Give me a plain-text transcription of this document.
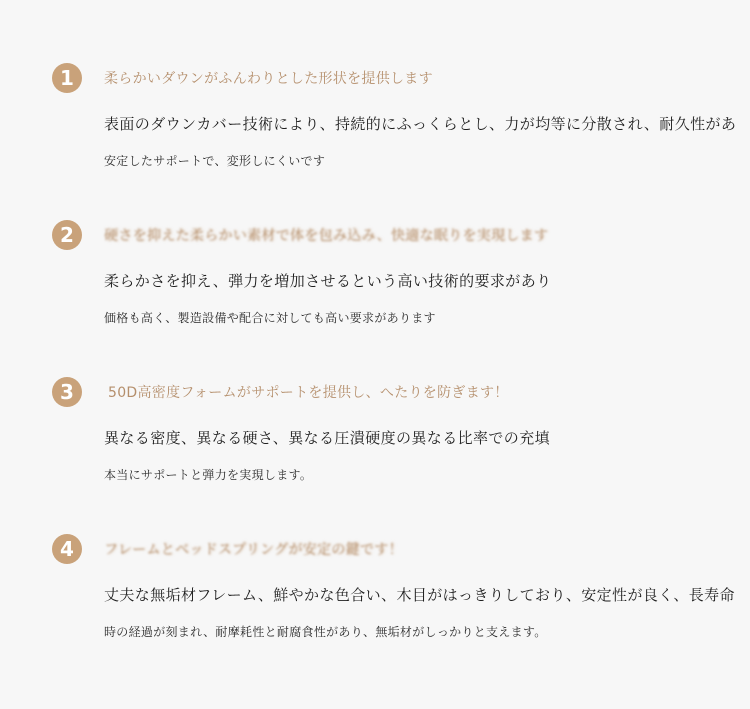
1	柔らかいダウンがふんわりとした形状を提供します
表面のダウンカバー技術により、持続的にふっくらとし、力が均等に分散され、耐久性があ
安定したサポートで、変形しにくいです
2	硬さを抑えた柔らかい素材で体を包み込み、快適な眠りを実現します
柔らかさを抑え、弾力を増加させるという高い技術的要求があり
価格も高く、製造設備や配合に対しても高い要求があります
3	50D高密度フォームがサポートを提供し、へたりを防ぎます！
異なる密度、異なる硬さ、異なる圧潰硬度の異なる比率での充填
本当にサポートと弾力を実現します。
4	フレームとベッドスプリングが安定の鍵です！
丈夫な無垢材フレーム、鮮やかな色合い、木目がはっきりしており、安定性が良く、長寿命
時の経過が刻まれ、耐摩耗性と耐腐食性があり、無垢材がしっかりと支えます。
